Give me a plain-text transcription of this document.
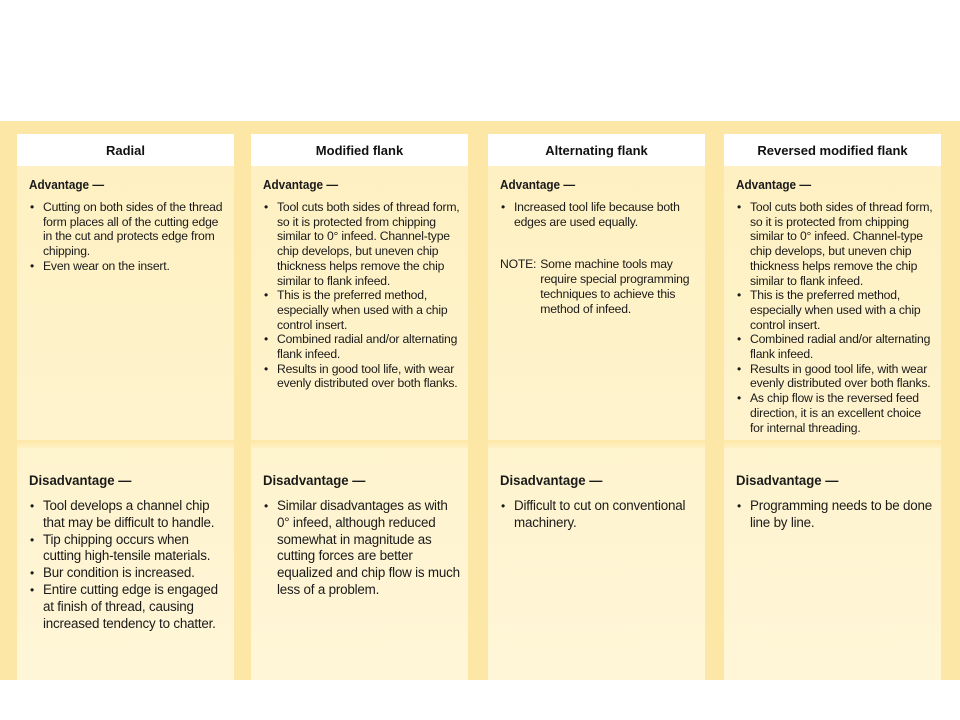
Radial
Advantage —
• Cutting on both sides of the thread form places all of the cutting edge in the cut and protects edge from chipping.
• Even wear on the insert.
Disadvantage —
• Tool develops a channel chip that may be difficult to handle.
• Tip chipping occurs when cutting high-tensile materials.
• Bur condition is increased.
• Entire cutting edge is engaged at finish of thread, causing increased tendency to chatter.
Modified flank
Advantage —
• Tool cuts both sides of thread form, so it is protected from chipping similar to 0° infeed. Channel-type chip develops, but uneven chip thickness helps remove the chip similar to flank infeed.
• This is the preferred method, especially when used with a chip control insert.
• Combined radial and/or alternating flank infeed.
• Results in good tool life, with wear evenly distributed over both flanks.
Disadvantage —
• Similar disadvantages as with 0° infeed, although reduced somewhat in magnitude as cutting forces are better equalized and chip flow is much less of a problem.
Alternating flank
Advantage —
• Increased tool life because both edges are used equally.
NOTE: Some machine tools may require special programming techniques to achieve this method of infeed.
Disadvantage —
• Difficult to cut on conventional machinery.
Reversed modified flank
Advantage —
• Tool cuts both sides of thread form, so it is protected from chipping similar to 0° infeed. Channel-type chip develops, but uneven chip thickness helps remove the chip similar to flank infeed.
• This is the preferred method, especially when used with a chip control insert.
• Combined radial and/or alternating flank infeed.
• Results in good tool life, with wear evenly distributed over both flanks.
• As chip flow is the reversed feed direction, it is an excellent choice for internal threading.
Disadvantage —
• Programming needs to be done line by line.
